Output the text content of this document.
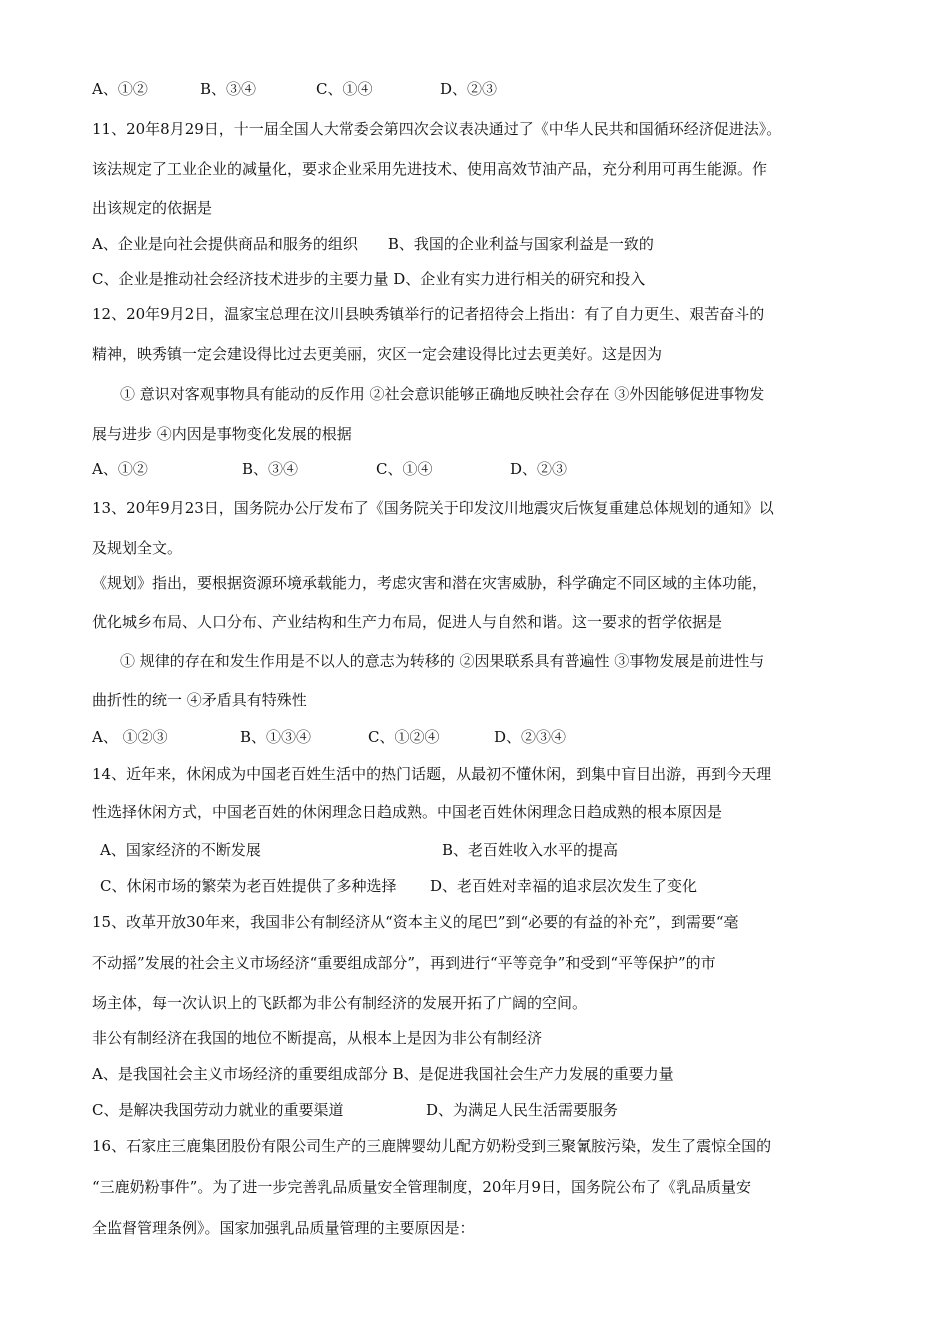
A、①②	B、③④	C、①④	D、②③
11、20年8月29日，十一届全国人大常委会第四次会议表决通过了《中华人民共和国循环经济促进法》。
该法规定了工业企业的减量化，要求企业采用先进技术、使用高效节油产品，充分利用可再生能源。作
出该规定的依据是
A、企业是向社会提供商品和服务的组织　　B、我国的企业利益与国家利益是一致的
C、企业是推动社会经济技术进步的主要力量 D、企业有实力进行相关的研究和投入
12、20年9月2日，温家宝总理在汶川县映秀镇举行的记者招待会上指出：有了自力更生、艰苦奋斗的
精神，映秀镇一定会建设得比过去更美丽，灾区一定会建设得比过去更美好。这是因为
① 意识对客观事物具有能动的反作用 ②社会意识能够正确地反映社会存在 ③外因能够促进事物发
展与进步 ④内因是事物变化发展的根据
A、①②	B、③④	C、①④	D、②③
13、20年9月23日，国务院办公厅发布了《国务院关于印发汶川地震灾后恢复重建总体规划的通知》以
及规划全文。
《规划》指出，要根据资源环境承载能力，考虑灾害和潜在灾害威胁，科学确定不同区域的主体功能，
优化城乡布局、人口分布、产业结构和生产力布局，促进人与自然和谐。这一要求的哲学依据是
① 规律的存在和发生作用是不以人的意志为转移的 ②因果联系具有普遍性 ③事物发展是前进性与
曲折性的统一 ④矛盾具有特殊性
A、 ①②③	B、①③④	C、①②④	D、②③④
14、近年来，休闲成为中国老百姓生活中的热门话题，从最初不懂休闲，到集中盲目出游，再到今天理
性选择休闲方式，中国老百姓的休闲理念日趋成熟。中国老百姓休闲理念日趋成熟的根本原因是
A、国家经济的不断发展	B、老百姓收入水平的提高
C、休闲市场的繁荣为老百姓提供了多种选择 D、老百姓对幸福的追求层次发生了变化
15、改革开放30年来，我国非公有制经济从“资本主义的尾巴”到“必要的有益的补充”，到需要“毫
不动摇”发展的社会主义市场经济“重要组成部分”，再到进行“平等竞争”和受到“平等保护”的市
场主体，每一次认识上的飞跃都为非公有制经济的发展开拓了广阔的空间。
非公有制经济在我国的地位不断提高，从根本上是因为非公有制经济
A、是我国社会主义市场经济的重要组成部分 B、是促进我国社会生产力发展的重要力量
C、是解决我国劳动力就业的重要渠道	D、为满足人民生活需要服务
16、石家庄三鹿集团股份有限公司生产的三鹿牌婴幼儿配方奶粉受到三聚氰胺污染，发生了震惊全国的
“三鹿奶粉事件”。为了进一步完善乳品质量安全管理制度，20年月9日，国务院公布了《乳品质量安
全监督管理条例》。国家加强乳品质量管理的主要原因是：
